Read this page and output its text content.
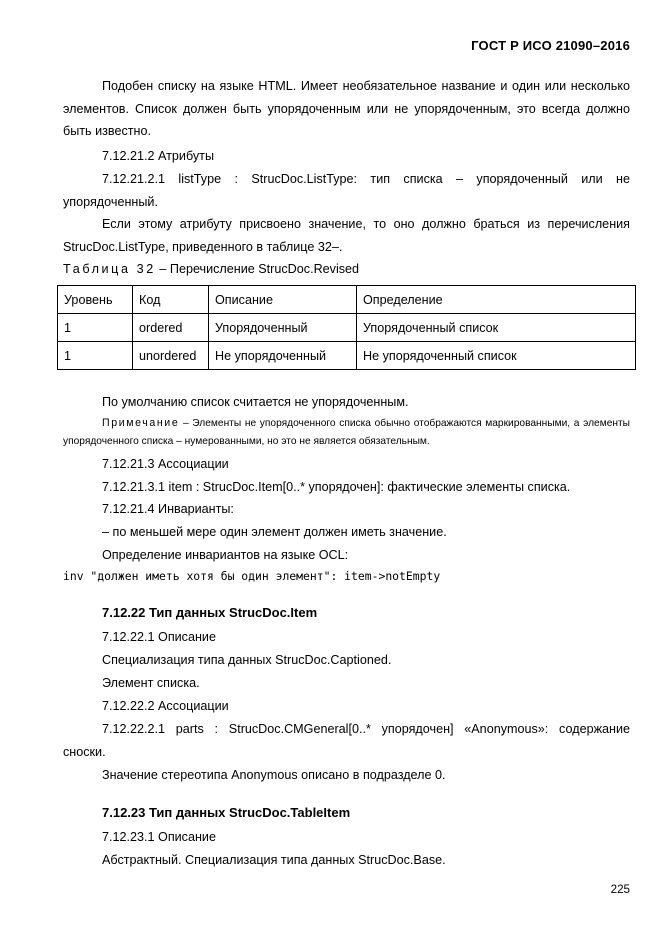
ГОСТ Р ИСО 21090–2016

Подобен списку на языке HTML. Имеет необязательное название и один или несколько элементов. Список должен быть упорядоченным или не упорядоченным, это всегда должно быть известно.

7.12.21.2 Атрибуты

7.12.21.2.1 listType : StrucDoc.ListType: тип списка – упорядоченный или не упорядоченный.

Если этому атрибуту присвоено значение, то оно должно браться из перечисления StrucDoc.ListType, приведенного в таблице 32–.

Таблица 32 – Перечисление StrucDoc.Revised
Уровень	Код	Описание	Определение
1	ordered	Упорядоченный	Упорядоченный список
1	unordered	Не упорядоченный	Не упорядоченный список

По умолчанию список считается не упорядоченным.

Примечание – Элементы не упорядоченного списка обычно отображаются маркированными, а элементы упорядоченного списка – нумерованными, но это не является обязательным.

7.12.21.3 Ассоциации

7.12.21.3.1 item : StrucDoc.Item[0..* упорядочен]: фактические элементы списка.

7.12.21.4 Инварианты:

– по меньшей мере один элемент должен иметь значение.

Определение инвариантов на языке OCL:

inv "должен иметь хотя бы один элемент": item->notEmpty
7.12.22 Тип данных StrucDoc.Item

7.12.22.1 Описание

Специализация типа данных StrucDoc.Captioned.

Элемент списка.

7.12.22.2 Ассоциации

7.12.22.2.1 parts : StrucDoc.CMGeneral[0..* упорядочен] «Anonymous»: содержание сноски.

Значение стереотипа Anonymous описано в подразделе 0.

7.12.23 Тип данных StrucDoc.TableItem

7.12.23.1 Описание

Абстрактный. Специализация типа данных StrucDoc.Base.

225
